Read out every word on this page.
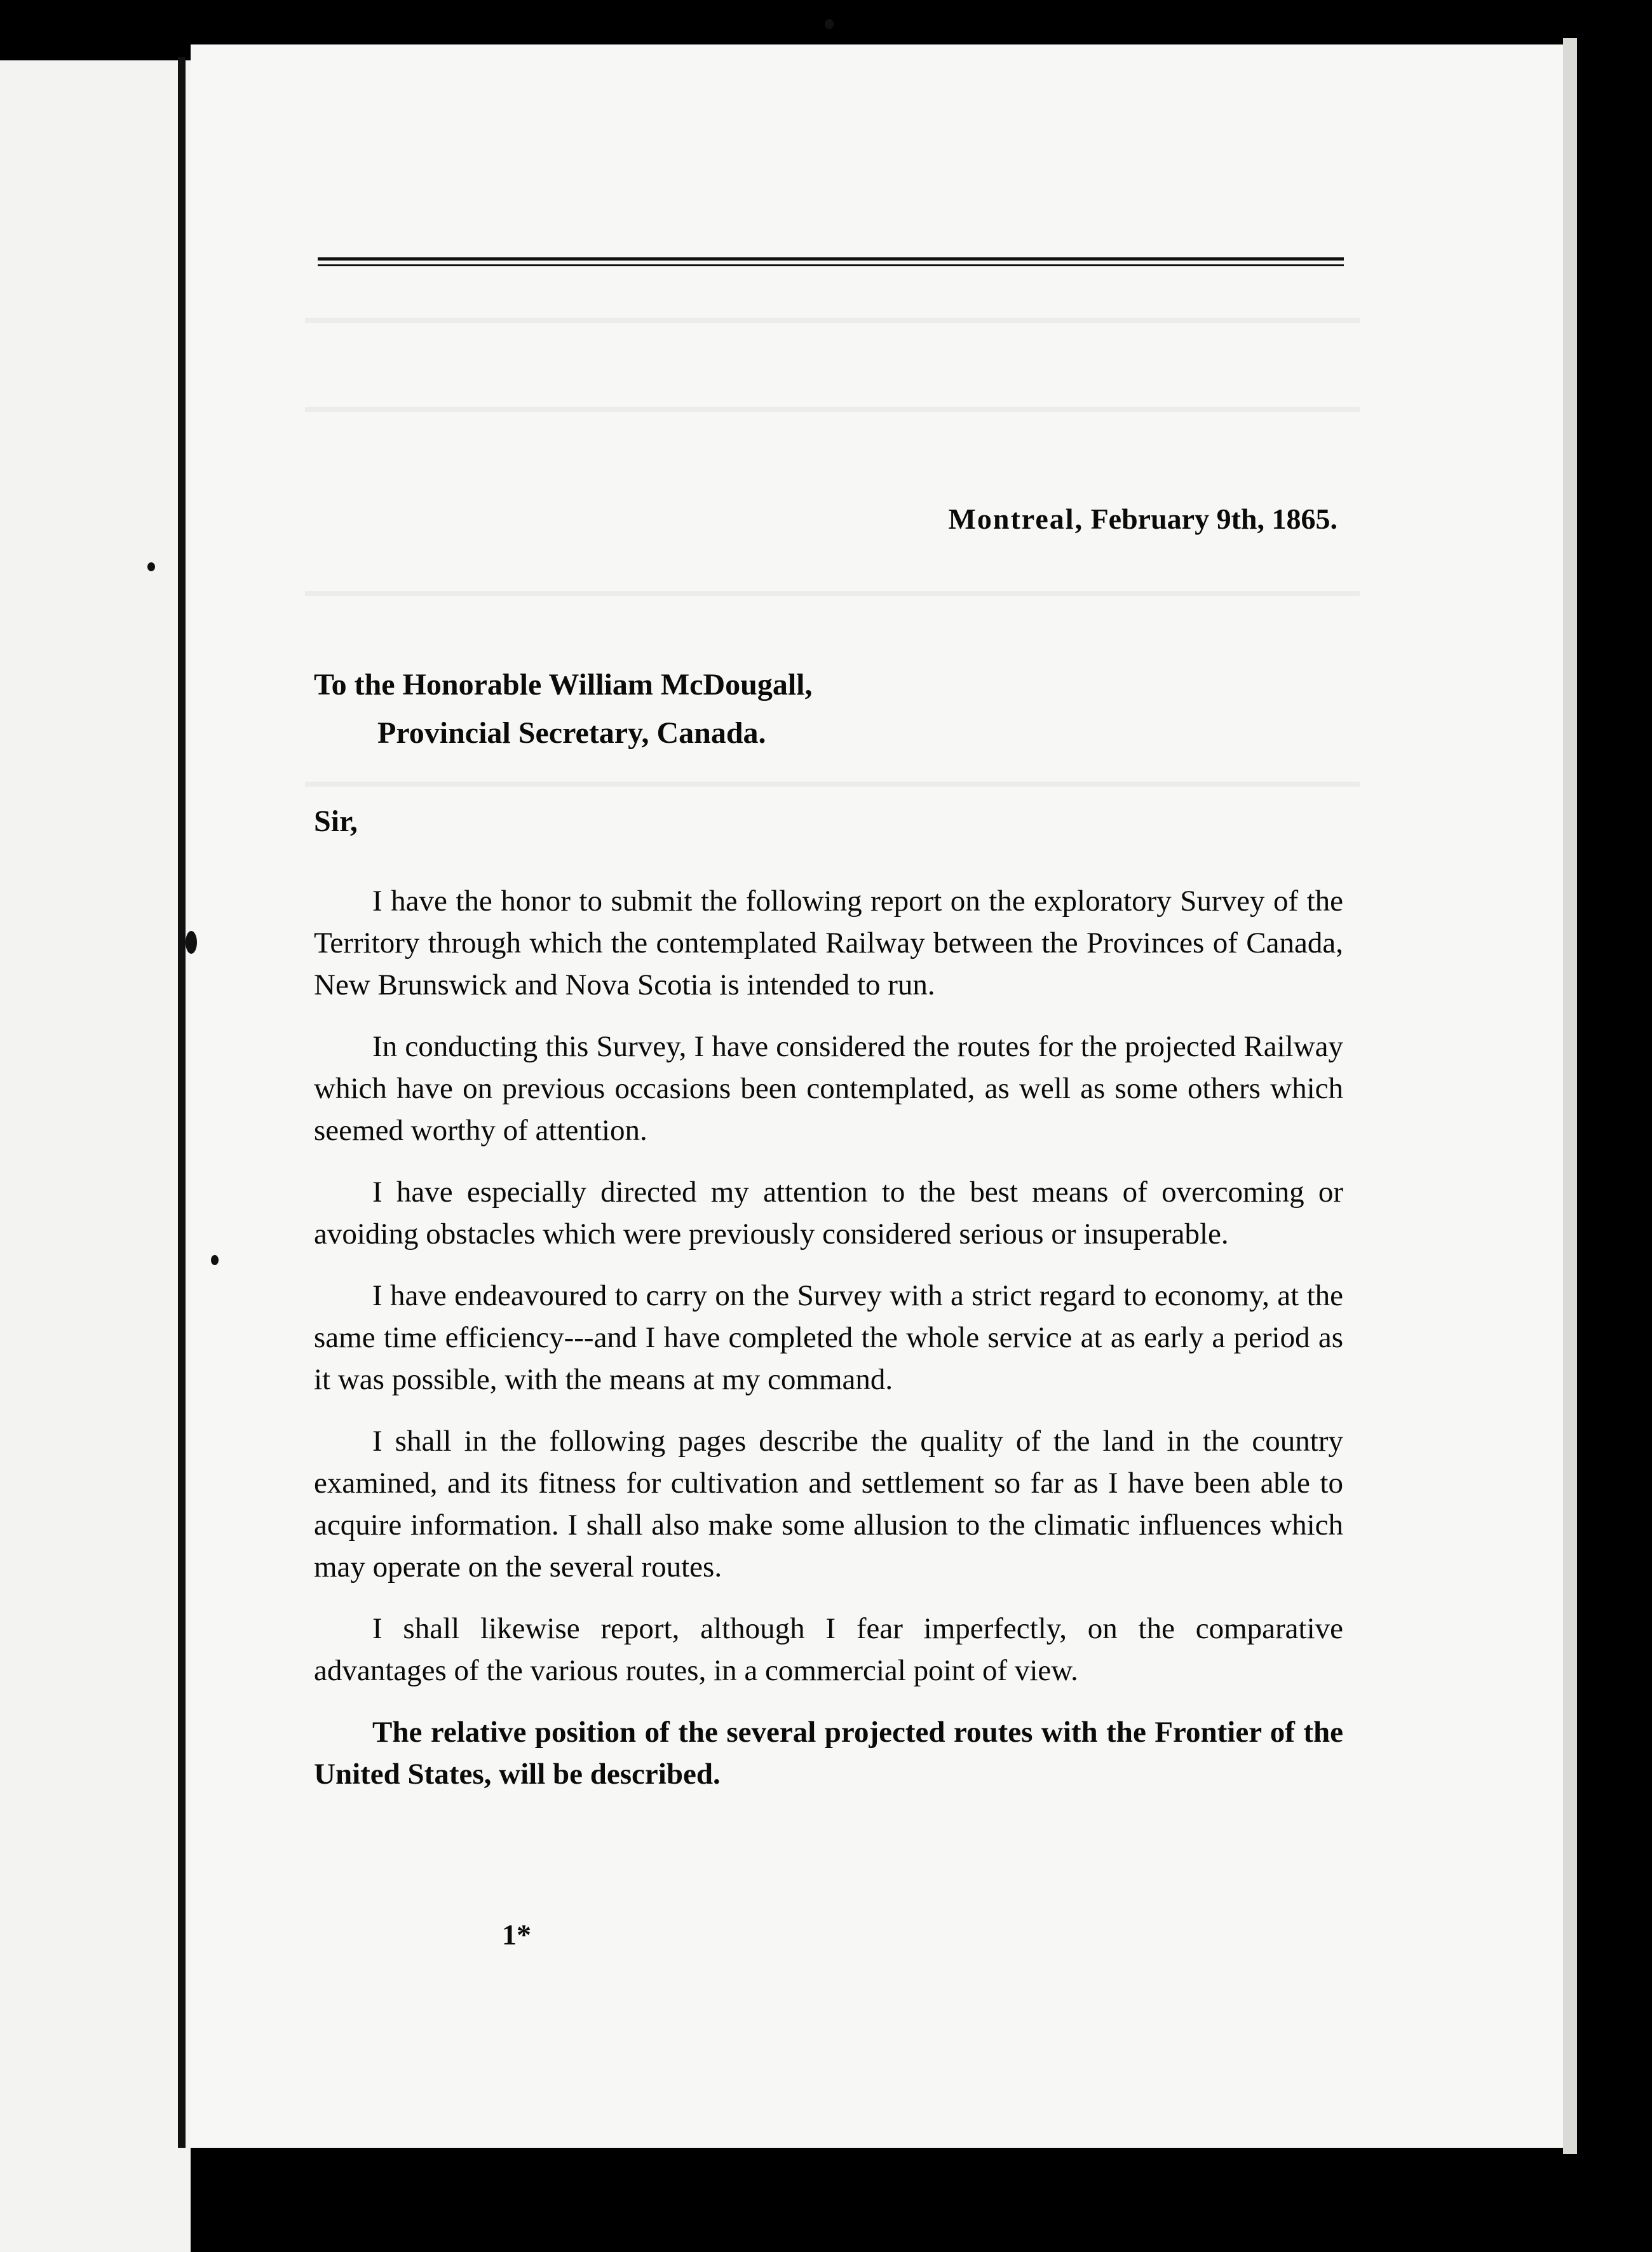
Montreal, February 9th, 1865.
To the Honorable William McDougall,
Provincial Secretary, Canada.
Sir,

I have the honor to submit the following report on the exploratory Survey of the Territory through which the contemplated Railway between the Provinces of Canada, New Brunswick and Nova Scotia is intended to run.

In conducting this Survey, I have considered the routes for the projected Railway which have on previous occasions been contemplated, as well as some others which seemed worthy of attention.

I have especially directed my attention to the best means of overcoming or avoiding obstacles which were previously considered serious or insuperable.

I have endeavoured to carry on the Survey with a strict regard to economy, at the same time efficiency---and I have completed the whole service at as early a period as it was possible, with the means at my command.

I shall in the following pages describe the quality of the land in the country examined, and its fitness for cultivation and settlement so far as I have been able to acquire information. I shall also make some allusion to the climatic influences which may operate on the several routes.

I shall likewise report, although I fear imperfectly, on the comparative advantages of the various routes, in a commercial point of view.

The relative position of the several projected routes with the Frontier of the United States, will be described.

1*
